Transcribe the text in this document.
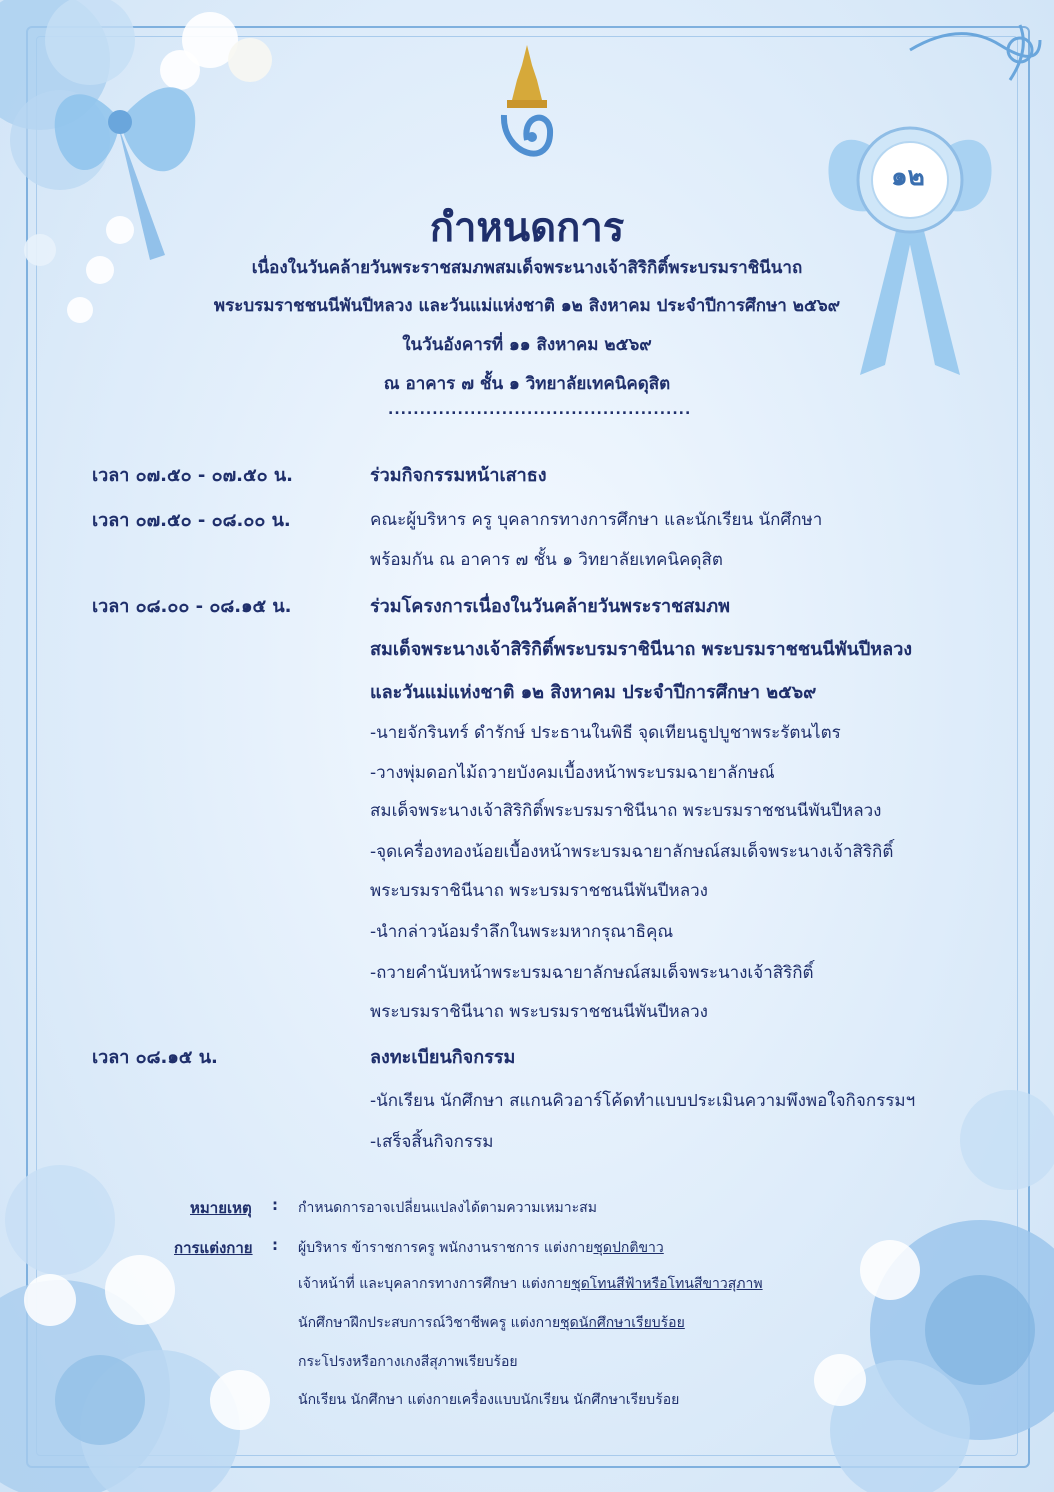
๑๒
กำหนดการ
เนื่องในวันคล้ายวันพระราชสมภพสมเด็จพระนางเจ้าสิริกิติ์พระบรมราชินีนาถ
พระบรมราชชนนีพันปีหลวง และวันแม่แห่งชาติ ๑๒ สิงหาคม ประจำปีการศึกษา ๒๕๖๙
ในวันอังคารที่ ๑๑ สิงหาคม ๒๕๖๙
ณ อาคาร ๗ ชั้น ๑ วิทยาลัยเทคนิคดุสิต
................................................
เวลา ๐๗.๕๐ - ๐๗.๕๐ น.	ร่วมกิจกรรมหน้าเสาธง
เวลา ๐๗.๕๐ - ๐๘.๐๐ น.	คณะผู้บริหาร ครู บุคลากรทางการศึกษา และนักเรียน นักศึกษา
พร้อมกัน ณ อาคาร ๗ ชั้น ๑ วิทยาลัยเทคนิคดุสิต
เวลา ๐๘.๐๐ - ๐๘.๑๕ น.	ร่วมโครงการเนื่องในวันคล้ายวันพระราชสมภพ
สมเด็จพระนางเจ้าสิริกิติ์พระบรมราชินีนาถ พระบรมราชชนนีพันปีหลวง
และวันแม่แห่งชาติ ๑๒ สิงหาคม ประจำปีการศึกษา ๒๕๖๙
-นายจักรินทร์ ดำรักษ์ ประธานในพิธี จุดเทียนธูปบูชาพระรัตนไตร
-วางพุ่มดอกไม้ถวายบังคมเบื้องหน้าพระบรมฉายาลักษณ์
สมเด็จพระนางเจ้าสิริกิติ์พระบรมราชินีนาถ พระบรมราชชนนีพันปีหลวง
-จุดเครื่องทองน้อยเบื้องหน้าพระบรมฉายาลักษณ์สมเด็จพระนางเจ้าสิริกิติ์
พระบรมราชินีนาถ พระบรมราชชนนีพันปีหลวง
-นำกล่าวน้อมรำลึกในพระมหากรุณาธิคุณ
-ถวายคำนับหน้าพระบรมฉายาลักษณ์สมเด็จพระนางเจ้าสิริกิติ์
พระบรมราชินีนาถ พระบรมราชชนนีพันปีหลวง
เวลา ๐๘.๑๕ น.	ลงทะเบียนกิจกรรม
-นักเรียน นักศึกษา สแกนคิวอาร์โค้ดทำแบบประเมินความพึงพอใจกิจกรรมฯ
-เสร็จสิ้นกิจกรรม
หมายเหตุ : กำหนดการอาจเปลี่ยนแปลงได้ตามความเหมาะสม
การแต่งกาย : ผู้บริหาร ข้าราชการครู พนักงานราชการ แต่งกายชุดปกติขาว
เจ้าหน้าที่ และบุคลากรทางการศึกษา แต่งกายชุดโทนสีฟ้าหรือโทนสีขาวสุภาพ
นักศึกษาฝึกประสบการณ์วิชาชีพครู แต่งกายชุดนักศึกษาเรียบร้อย
กระโปรงหรือกางเกงสีสุภาพเรียบร้อย
นักเรียน นักศึกษา แต่งกายเครื่องแบบนักเรียน นักศึกษาเรียบร้อย
